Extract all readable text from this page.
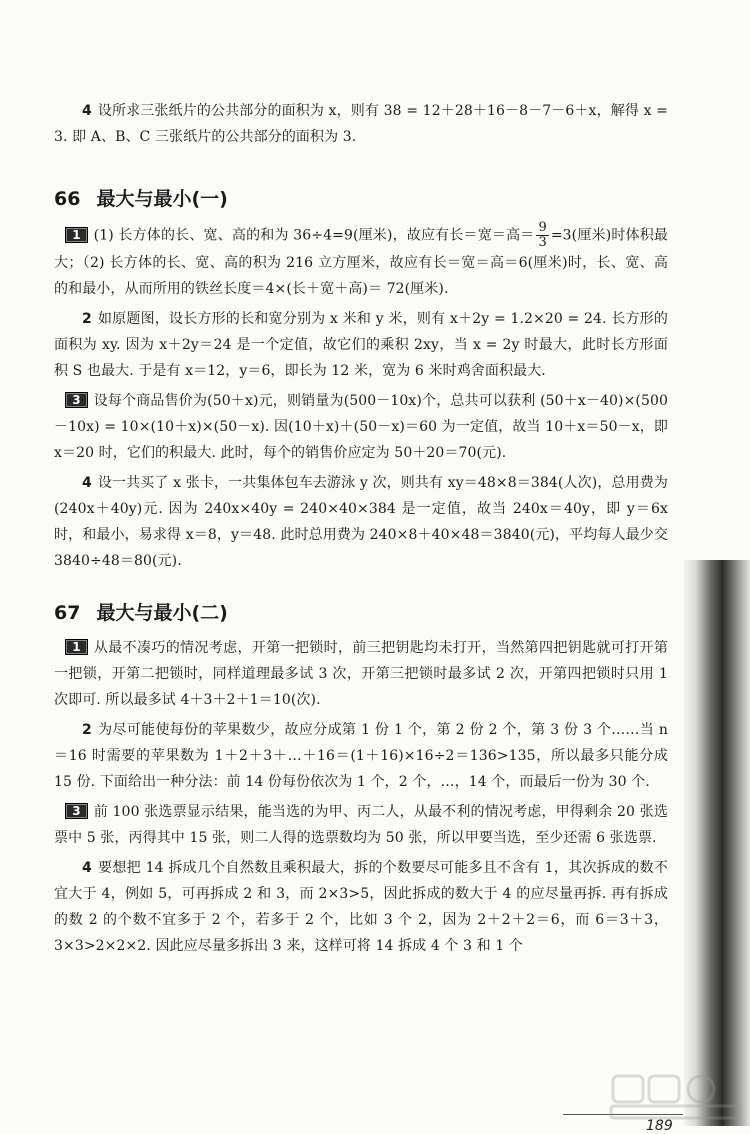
4 设所求三张纸片的公共部分的面积为 x，则有 38 = 12＋28＋16－8－7－6＋x，解得 x = 3. 即 A、B、C 三张纸片的公共部分的面积为 3.

66 最大与最小(一)

1 (1) 长方体的长、宽、高的和为 36÷4=9(厘米)，故应有长＝宽＝高＝ $\frac{9}{3} =3$(厘米)时体积最大；（2) 长方体的长、宽、高的积为 216 立方厘米，故应有长＝宽＝高＝6(厘米)时，长、宽、高的和最小，从而所用的铁丝长度＝4×(长＋宽＋高)＝ 72(厘米).

2 如原题图，设长方形的长和宽分别为 x 米和 y 米，则有 x＋2y = 1.2×20 = 24. 长方形的面积为 xy. 因为 x＋2y＝24 是一个定值，故它们的乘积 2xy，当 x = 2y 时最大，此时长方形面积 S 也最大. 于是有 x＝12，y＝6，即长为 12 米，宽为 6 米时鸡舍面积最大.

3 设每个商品售价为(50＋x)元，则销量为(500－10x)个，总共可以获利 (50＋x－40)×(500－10x) = 10×(10＋x)×(50－x). 因(10＋x)＋(50－x)＝60 为一定值，故当 10＋x＝50－x，即 x＝20 时，它们的积最大. 此时，每个的销售价应定为 50＋20＝70(元).

4 设一共买了 x 张卡，一共集体包车去游泳 y 次，则共有 xy＝48×8＝384(人次)，总用费为(240x＋40y)元. 因为 240x×40y = 240×40×384 是一定值，故当 240x＝40y，即 y＝6x 时，和最小，易求得 x＝8，y＝48. 此时总用费为 240×8＋40×48＝3840(元)，平均每人最少交 3840÷48＝80(元).

67 最大与最小(二)

1 从最不凑巧的情况考虑，开第一把锁时，前三把钥匙均未打开，当然第四把钥匙就可打开第一把锁，开第二把锁时，同样道理最多试 3 次，开第三把锁时最多试 2 次，开第四把锁时只用 1 次即可. 所以最多试 4＋3＋2＋1＝10(次).

2 为尽可能使每份的苹果数少，故应分成第 1 份 1 个，第 2 份 2 个，第 3 份 3 个……当 n＝16 时需要的苹果数为 1＋2＋3＋…＋16＝(1＋16)×16÷2＝136>135，所以最多只能分成 15 份. 下面给出一种分法：前 14 份每份依次为 1 个，2 个，…，14 个，而最后一份为 30 个.

3 前 100 张选票显示结果，能当选的为甲、丙二人，从最不利的情况考虑，甲得剩余 20 张选票中 5 张，丙得其中 15 张，则二人得的选票数均为 50 张，所以甲要当选，至少还需 6 张选票.

4 要想把 14 拆成几个自然数且乘积最大，拆的个数要尽可能多且不含有 1，其次拆成的数不宜大于 4，例如 5，可再拆成 2 和 3，而 2×3>5，因此拆成的数大于 4 的应尽量再拆. 再有拆成的数 2 的个数不宜多于 2 个，若多于 2 个，比如 3 个 2，因为 2＋2＋2＝6，而 6＝3＋3，3×3>2×2×2. 因此应尽量多拆出 3 来，这样可将 14 拆成 4 个 3 和 1 个

189
